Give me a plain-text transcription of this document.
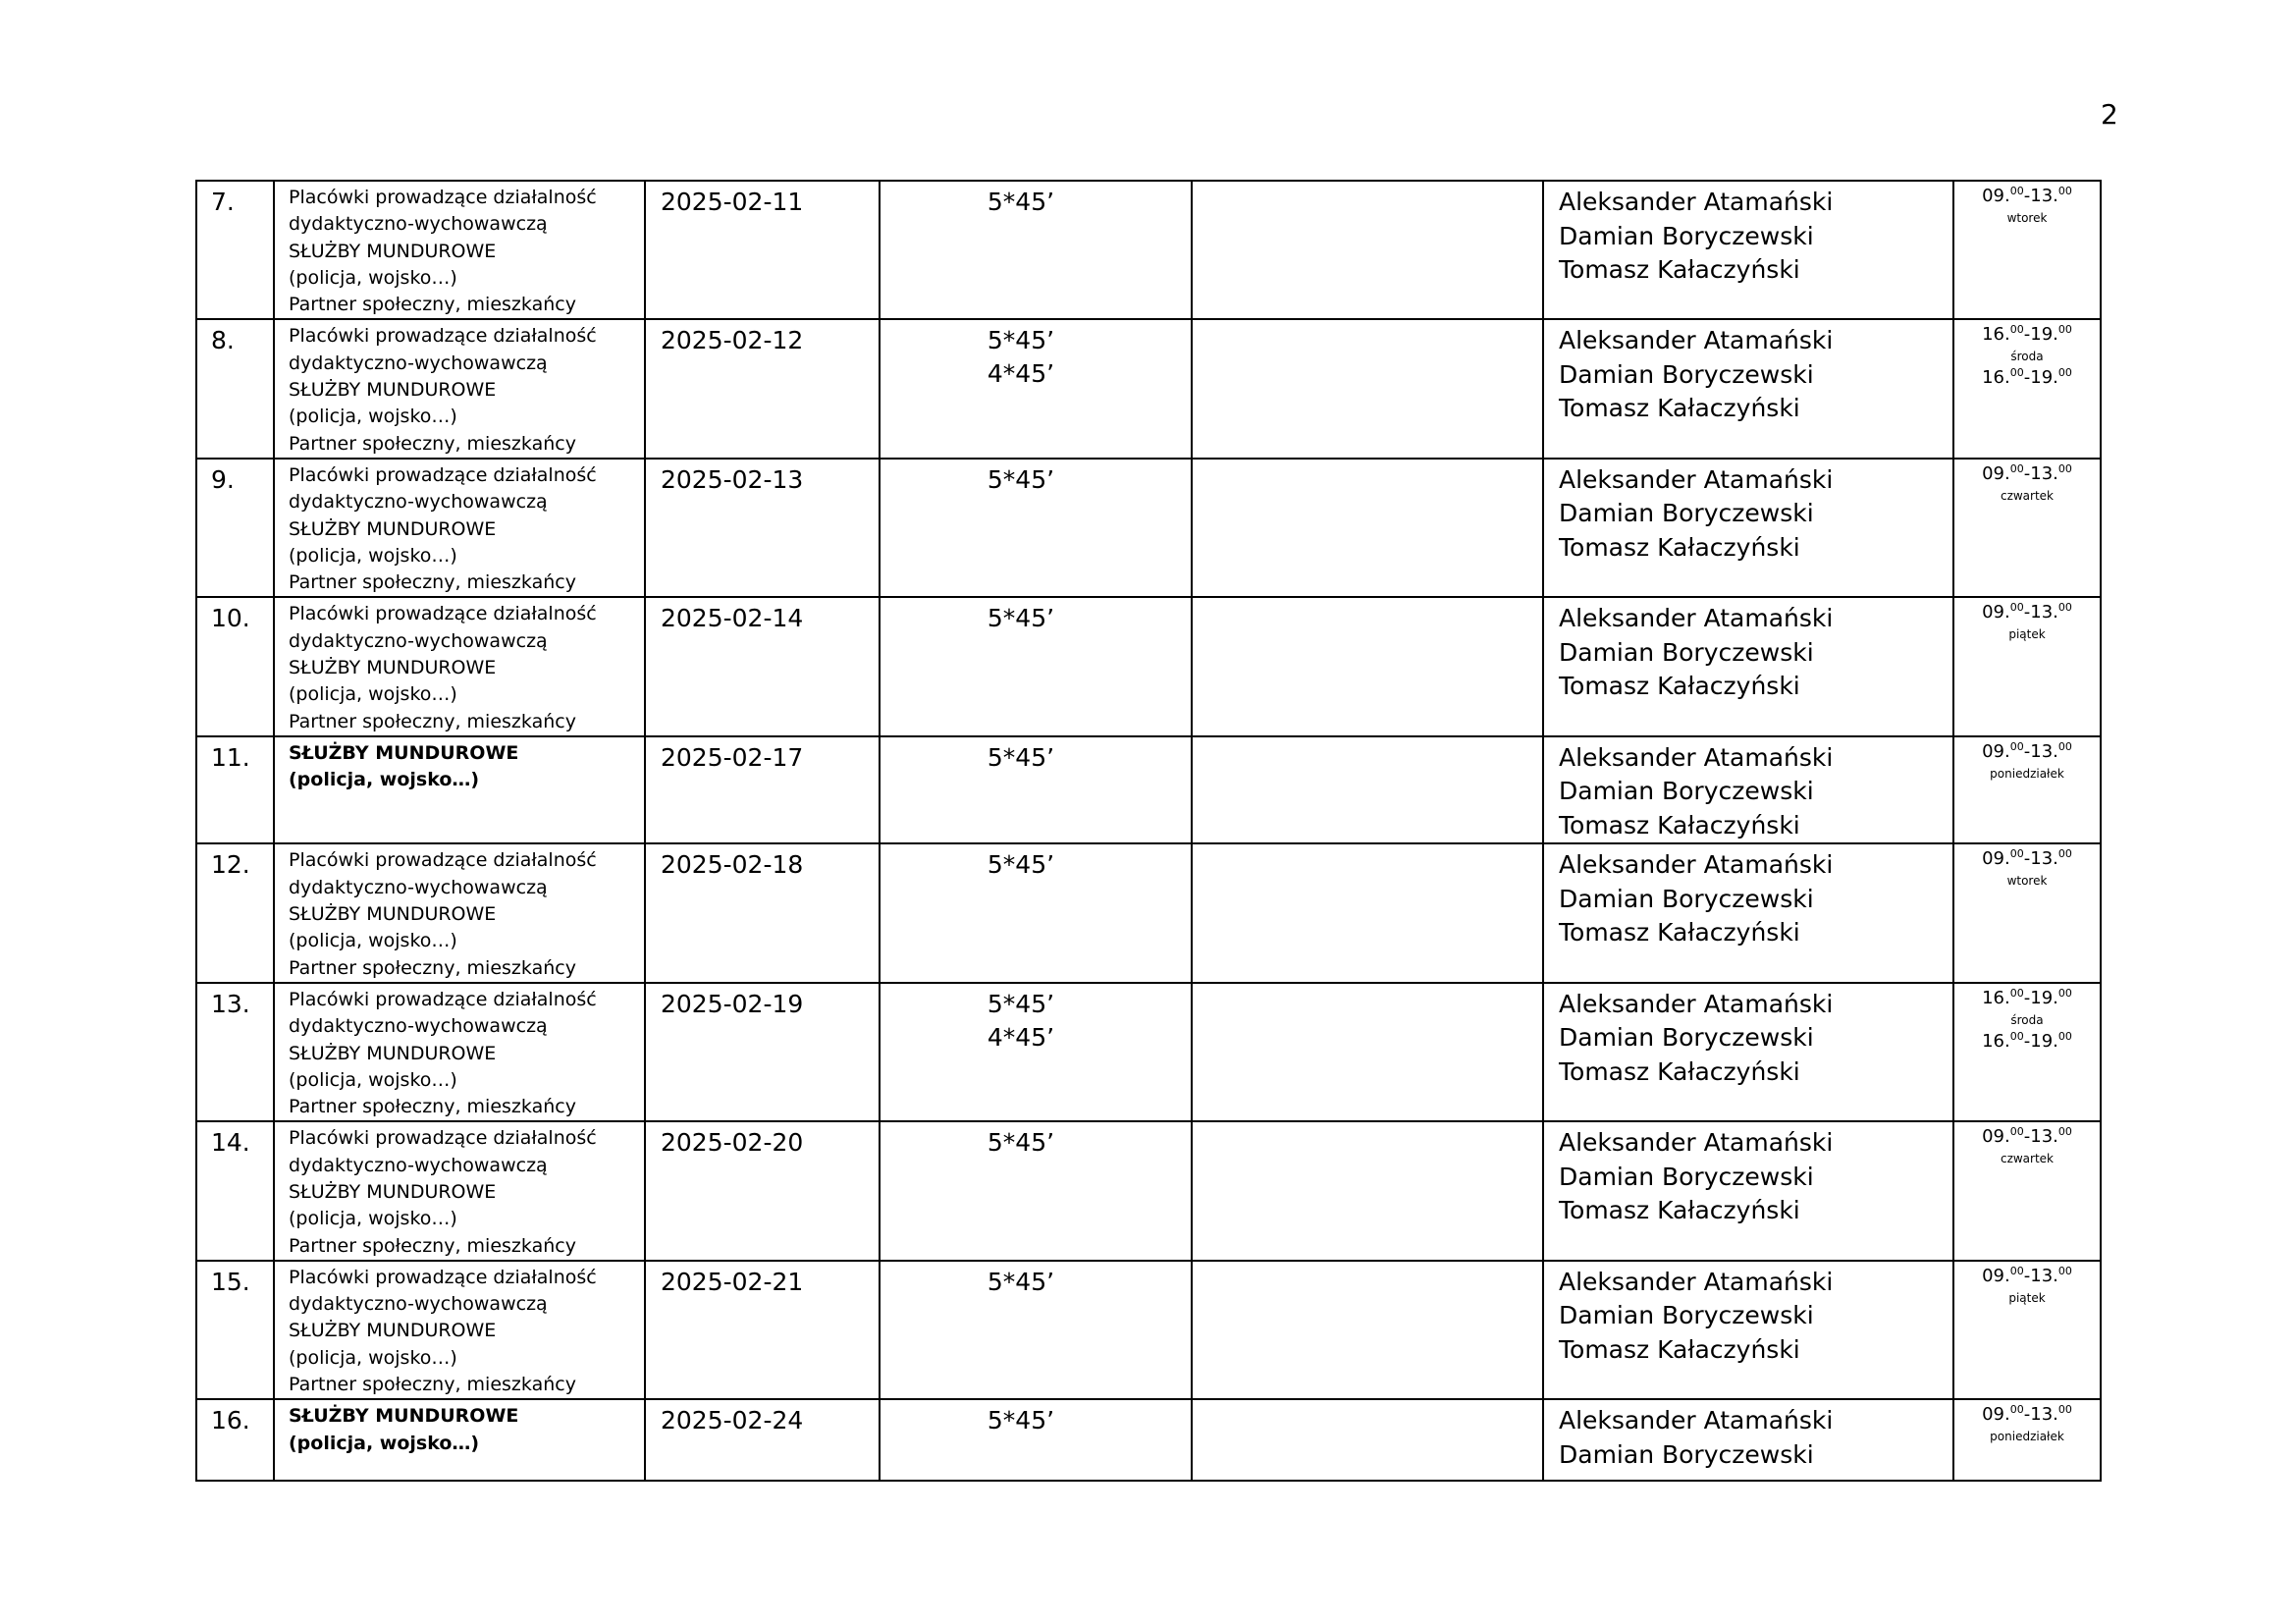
2
7.	Placówki prowadzące działalność
dydaktyczno-wychowawczą
SŁUŻBY MUNDUROWE
(policja, wojsko…)
Partner społeczny, mieszkańcy	2025-02-11	5*45’		Aleksander Atamański
Damian Boryczewski
Tomasz Kałaczyński	09.00-13.00
wtorek

8.	Placówki prowadzące działalność
dydaktyczno-wychowawczą
SŁUŻBY MUNDUROWE
(policja, wojsko…)
Partner społeczny, mieszkańcy	2025-02-12	5*45’
4*45’		Aleksander Atamański
Damian Boryczewski
Tomasz Kałaczyński	16.00-19.00
środa
16.00-19.00

9.	Placówki prowadzące działalność
dydaktyczno-wychowawczą
SŁUŻBY MUNDUROWE
(policja, wojsko…)
Partner społeczny, mieszkańcy	2025-02-13	5*45’		Aleksander Atamański
Damian Boryczewski
Tomasz Kałaczyński	09.00-13.00
czwartek

10.	Placówki prowadzące działalność
dydaktyczno-wychowawczą
SŁUŻBY MUNDUROWE
(policja, wojsko…)
Partner społeczny, mieszkańcy	2025-02-14	5*45’		Aleksander Atamański
Damian Boryczewski
Tomasz Kałaczyński	09.00-13.00
piątek

11.	SŁUŻBY MUNDUROWE
(policja, wojsko…)	2025-02-17	5*45’		Aleksander Atamański
Damian Boryczewski
Tomasz Kałaczyński	09.00-13.00
poniedziałek

12.	Placówki prowadzące działalność
dydaktyczno-wychowawczą
SŁUŻBY MUNDUROWE
(policja, wojsko…)
Partner społeczny, mieszkańcy	2025-02-18	5*45’		Aleksander Atamański
Damian Boryczewski
Tomasz Kałaczyński	09.00-13.00
wtorek

13.	Placówki prowadzące działalność
dydaktyczno-wychowawczą
SŁUŻBY MUNDUROWE
(policja, wojsko…)
Partner społeczny, mieszkańcy	2025-02-19	5*45’
4*45’		Aleksander Atamański
Damian Boryczewski
Tomasz Kałaczyński	16.00-19.00
środa
16.00-19.00

14.	Placówki prowadzące działalność
dydaktyczno-wychowawczą
SŁUŻBY MUNDUROWE
(policja, wojsko…)
Partner społeczny, mieszkańcy	2025-02-20	5*45’		Aleksander Atamański
Damian Boryczewski
Tomasz Kałaczyński	09.00-13.00
czwartek

15.	Placówki prowadzące działalność
dydaktyczno-wychowawczą
SŁUŻBY MUNDUROWE
(policja, wojsko…)
Partner społeczny, mieszkańcy	2025-02-21	5*45’		Aleksander Atamański
Damian Boryczewski
Tomasz Kałaczyński	09.00-13.00
piątek

16.	SŁUŻBY MUNDUROWE
(policja, wojsko…)	2025-02-24	5*45’		Aleksander Atamański
Damian Boryczewski	09.00-13.00
poniedziałek
